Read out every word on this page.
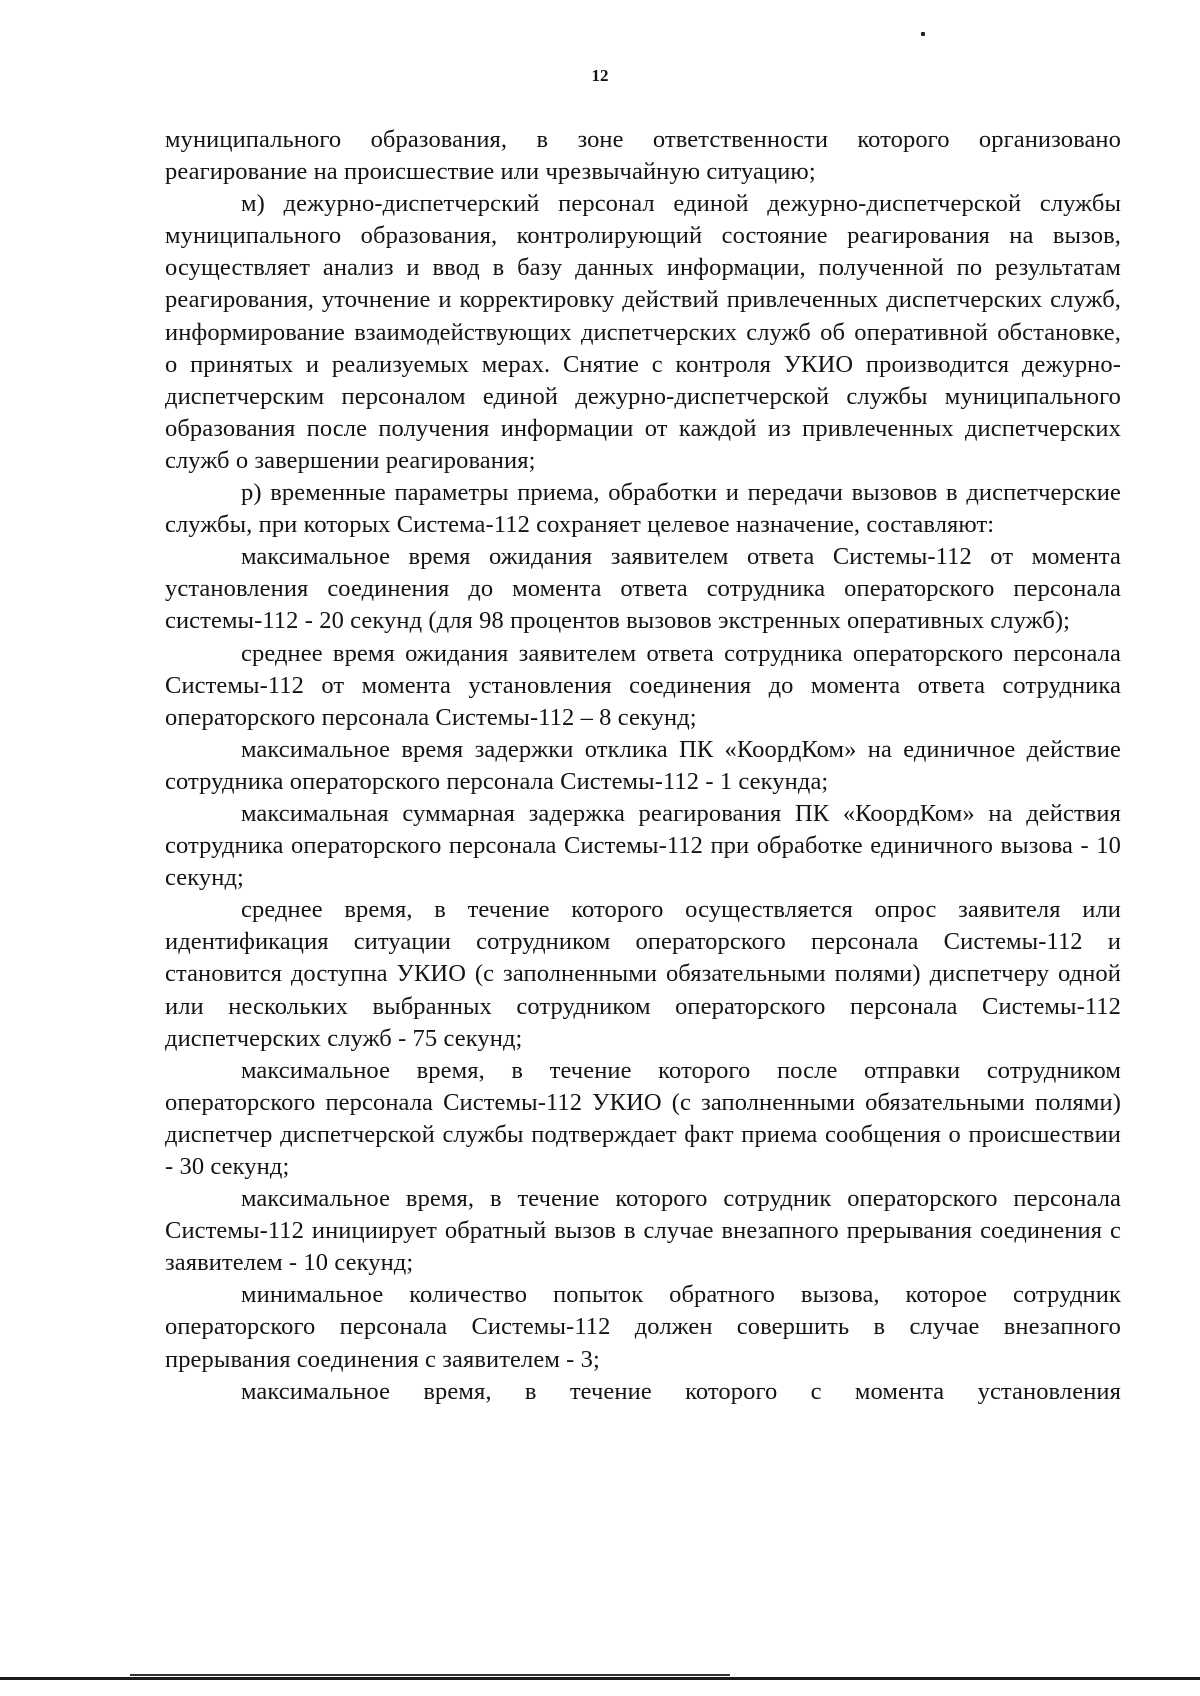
12

муниципального образования, в зоне ответственности которого организовано реагирование на происшествие или чрезвычайную ситуацию;

м) дежурно-диспетчерский персонал единой дежурно-диспетчерской службы муниципального образования, контролирующий состояние реагирования на вызов, осуществляет анализ и ввод в базу данных информации, полученной по результатам реагирования, уточнение и корректировку действий привлеченных диспетчерских служб, информирование взаимодействующих диспетчерских служб об оперативной обстановке, о принятых и реализуемых мерах. Снятие с контроля УКИО производится дежурно-диспетчерским персоналом единой дежурно-диспетчерской службы муниципального образования после получения информации от каждой из привлеченных диспетчерских служб о завершении реагирования;

р) временные параметры приема, обработки и передачи вызовов в диспетчерские службы, при которых Система-112 сохраняет целевое назначение, составляют:

максимальное время ожидания заявителем ответа Системы-112 от момента установления соединения до момента ответа сотрудника операторского персонала системы-112 - 20 секунд (для 98 процентов вызовов экстренных оперативных служб);

среднее время ожидания заявителем ответа сотрудника операторского персонала Системы-112 от момента установления соединения до момента ответа сотрудника операторского персонала Системы-112 – 8 секунд;

максимальное время задержки отклика ПК «КоордКом» на единичное действие сотрудника операторского персонала Системы-112 - 1 секунда;

максимальная суммарная задержка реагирования ПК «КоордКом» на действия сотрудника операторского персонала Системы-112 при обработке единичного вызова - 10 секунд;

среднее время, в течение которого осуществляется опрос заявителя или идентификация ситуации сотрудником операторского персонала Системы-112 и становится доступна УКИО (с заполненными обязательными полями) диспетчеру одной или нескольких выбранных сотрудником операторского персонала Системы-112 диспетчерских служб - 75 секунд;

максимальное время, в течение которого после отправки сотрудником операторского персонала Системы-112 УКИО (с заполненными обязательными полями) диспетчер диспетчерской службы подтверждает факт приема сообщения о происшествии - 30 секунд;

максимальное время, в течение которого сотрудник операторского персонала Системы-112 инициирует обратный вызов в случае внезапного прерывания соединения с заявителем - 10 секунд;

минимальное количество попыток обратного вызова, которое сотрудник операторского персонала Системы-112 должен совершить в случае внезапного прерывания соединения с заявителем - 3;

максимальное время, в течение которого с момента установления
